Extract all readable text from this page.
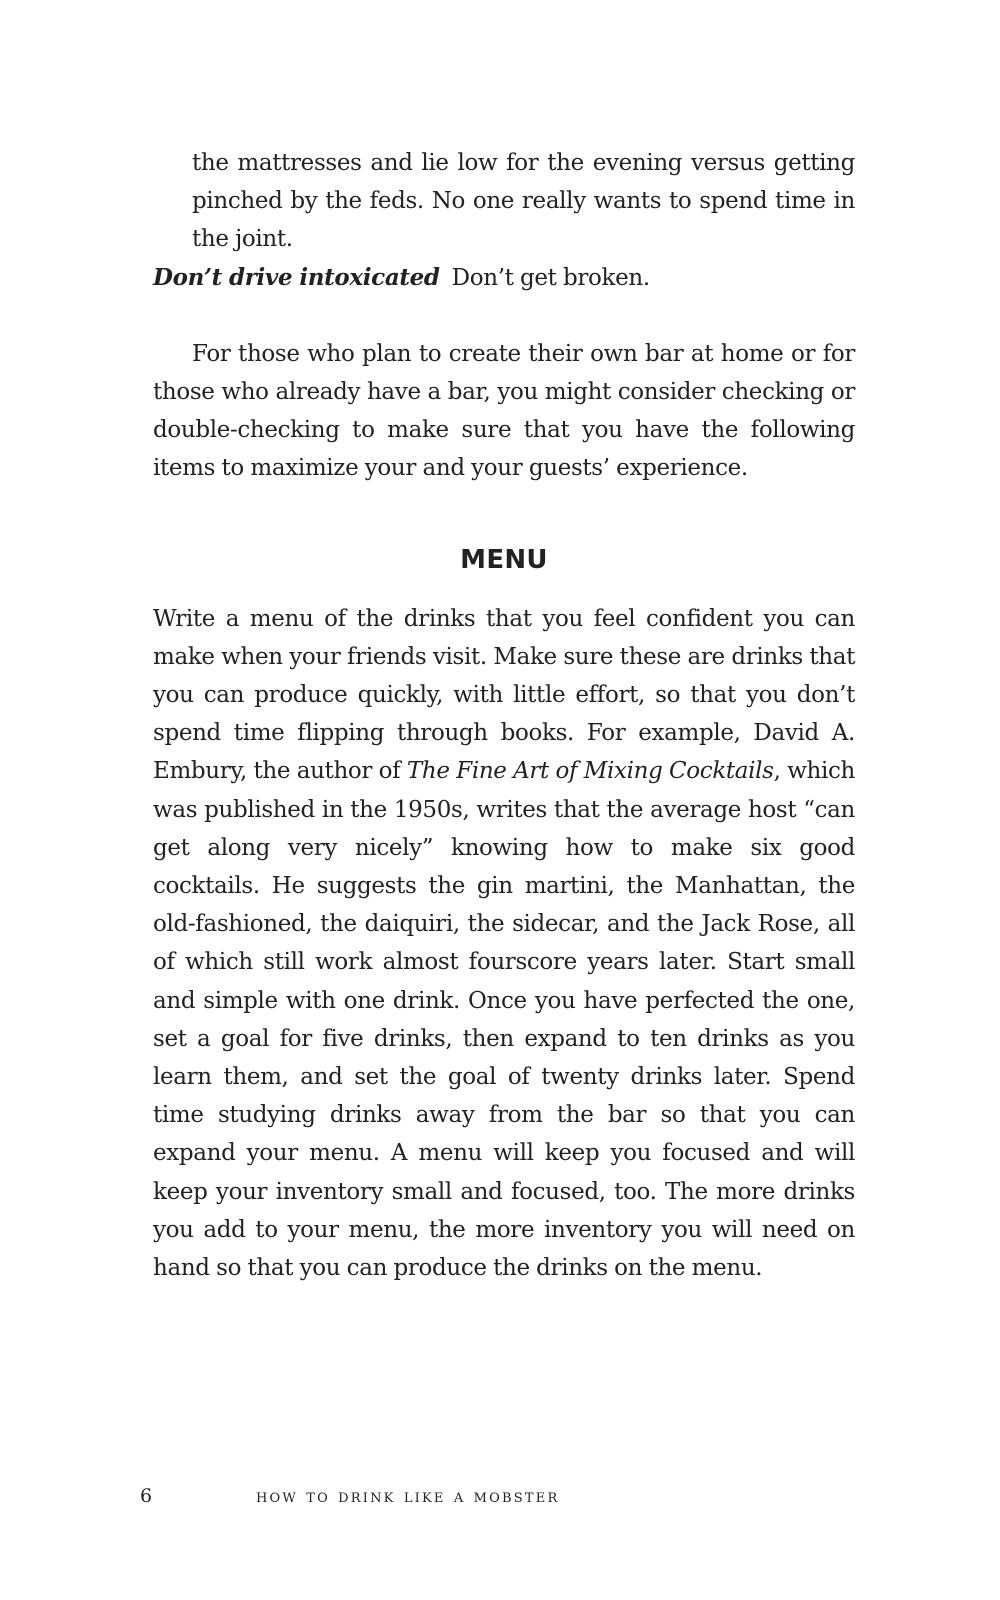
the mattresses and lie low for the evening versus getting pinched by the feds. No one really wants to spend time in the joint.

Don’t drive intoxicated Don’t get broken.

For those who plan to create their own bar at home or for those who already have a bar, you might consider checking or double-checking to make sure that you have the following items to maximize your and your guests’ experience.

MENU

Write a menu of the drinks that you feel confident you can make when your friends visit. Make sure these are drinks that you can produce quickly, with little effort, so that you don’t spend time flipping through books. For example, David A. Embury, the author of The Fine Art of Mixing Cocktails, which was published in the 1950s, writes that the average host “can get along very nicely” knowing how to make six good cocktails. He suggests the gin martini, the Manhattan, the old-fashioned, the daiquiri, the sidecar, and the Jack Rose, all of which still work almost fourscore years later. Start small and simple with one drink. Once you have perfected the one, set a goal for five drinks, then expand to ten drinks as you learn them, and set the goal of twenty drinks later. Spend time studying drinks away from the bar so that you can expand your menu. A menu will keep you focused and will keep your inventory small and focused, too. The more drinks you add to your menu, the more inventory you will need on hand so that you can produce the drinks on the menu.

6	how to drink like a mobster
